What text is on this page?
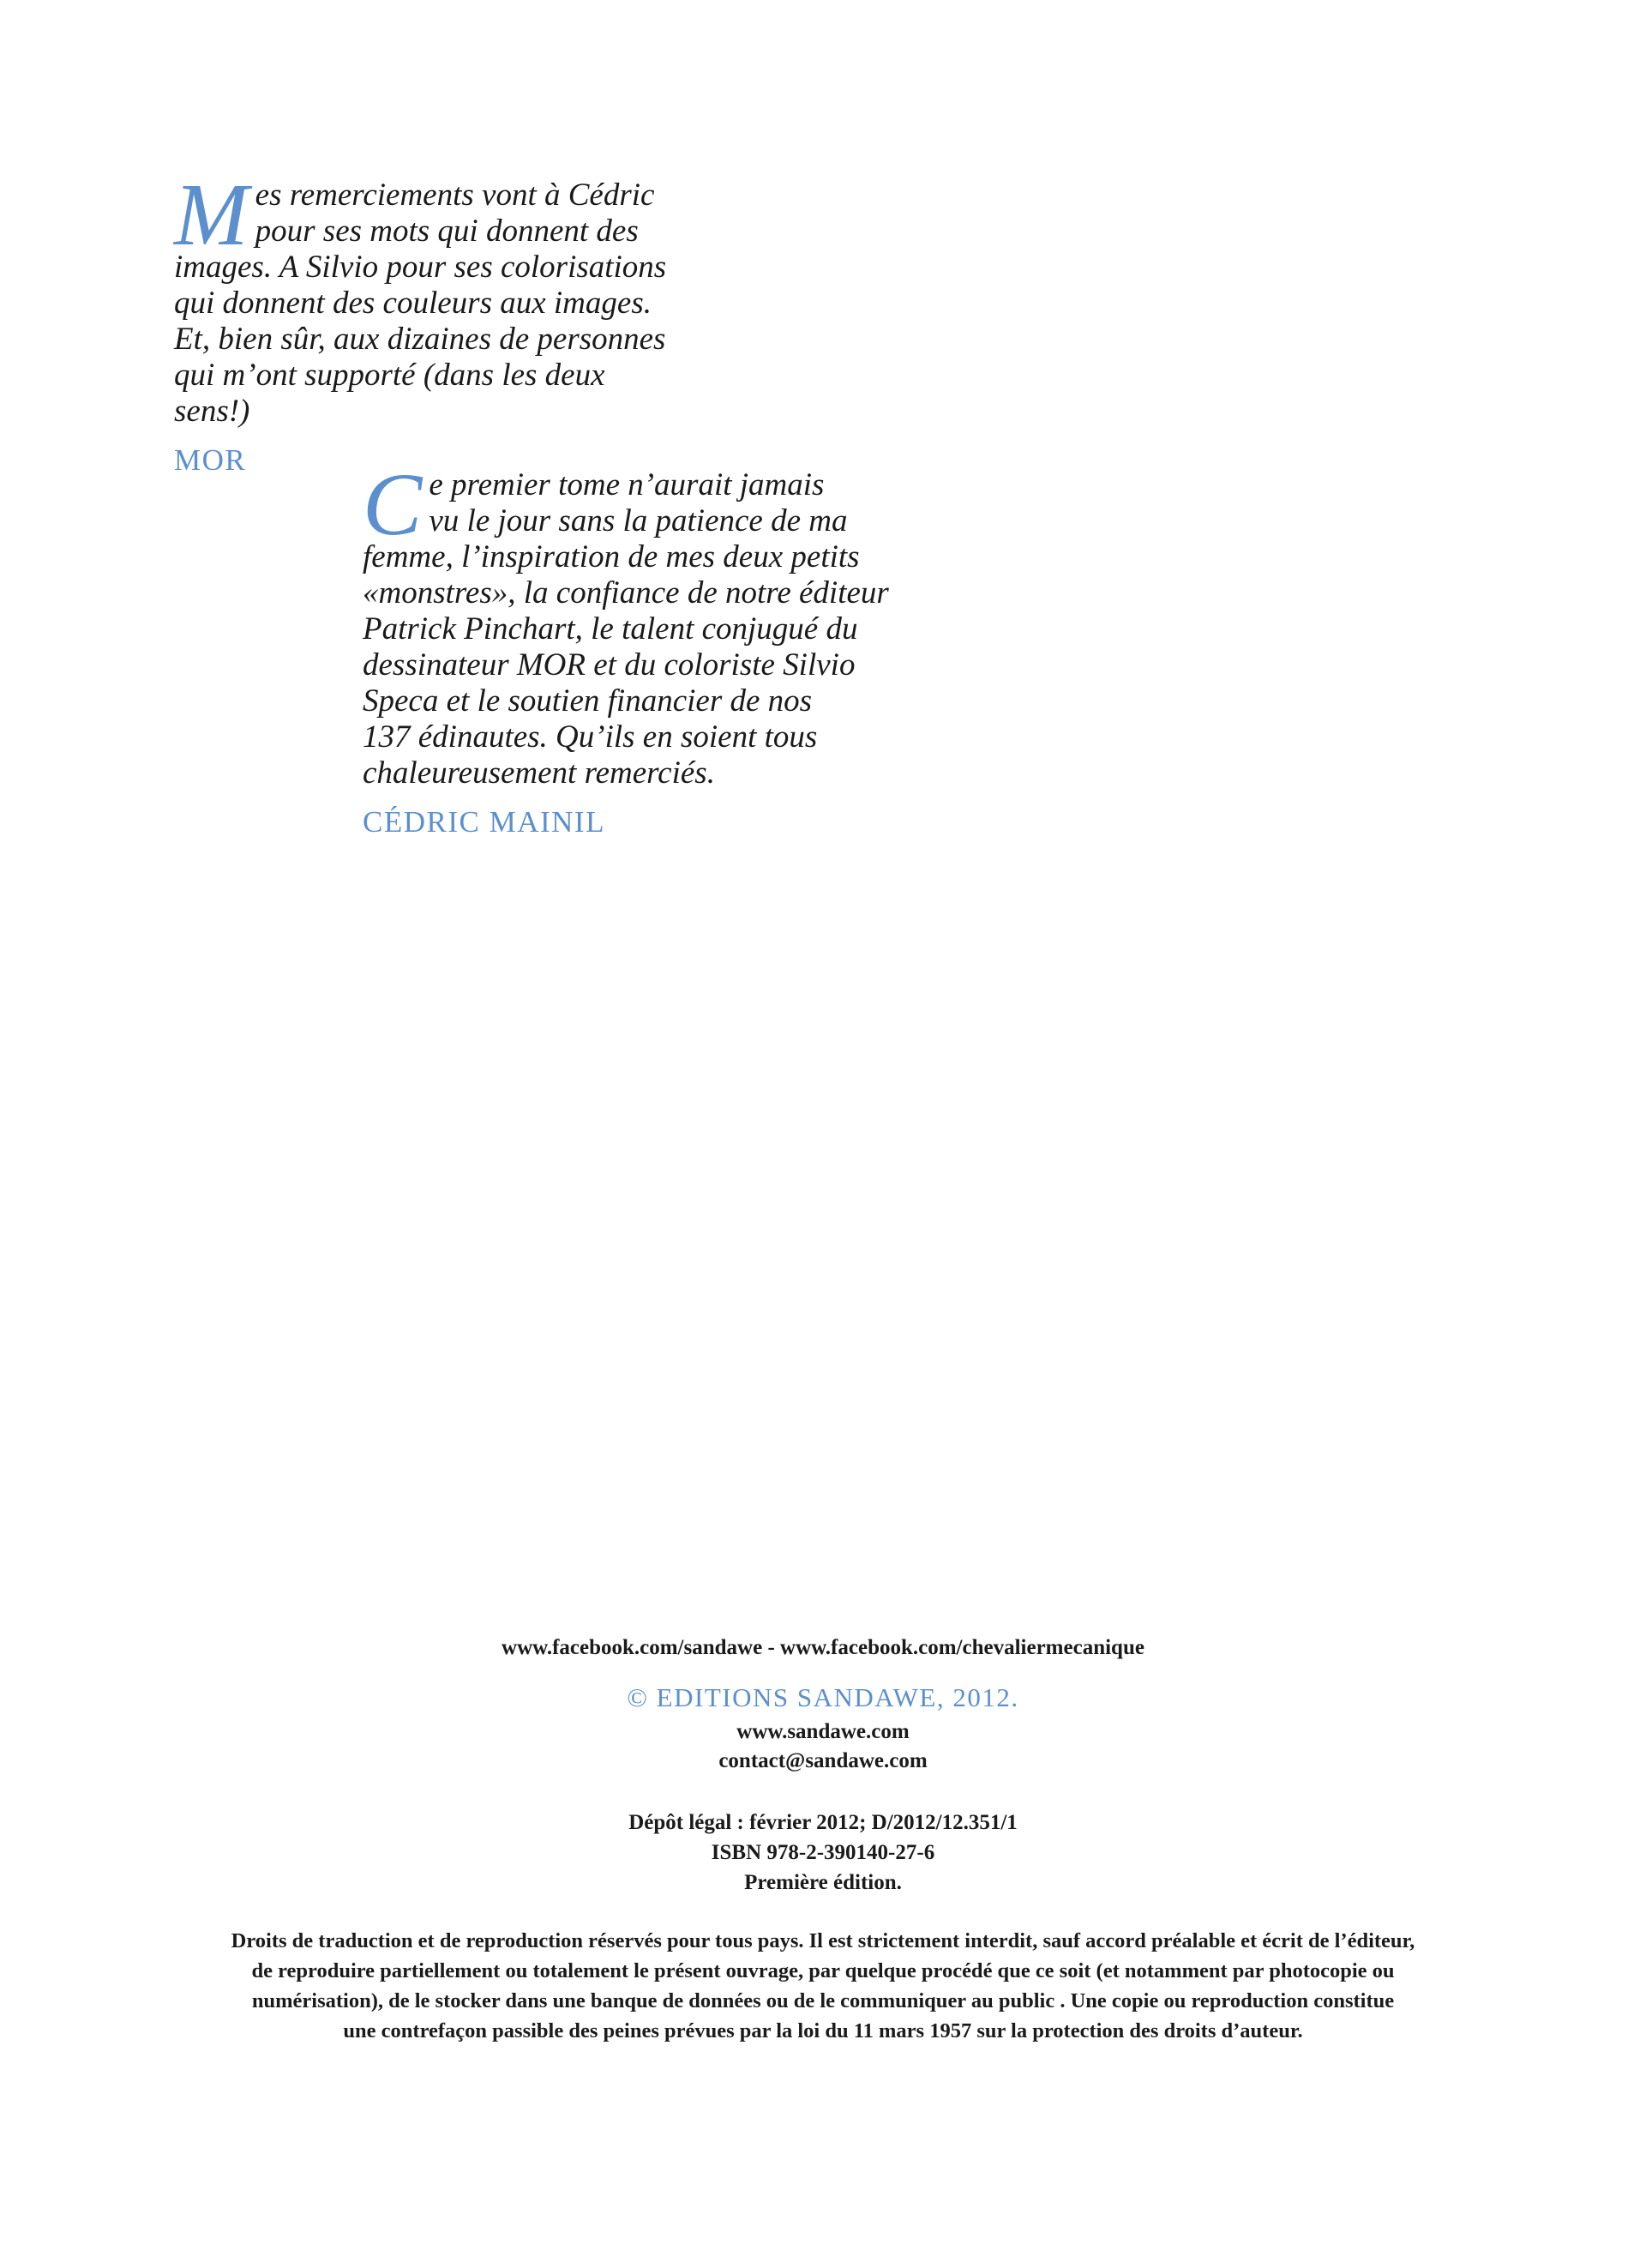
M es remerciements vont à Cédric
pour ses mots qui donnent des
images. A Silvio pour ses colorisations
qui donnent des couleurs aux images.
Et, bien sûr, aux dizaines de personnes
qui m’ont supporté (dans les deux sens!)
MOR	C e premier tome n’aurait jamais
vu le jour sans la patience de ma
femme, l’inspiration de mes deux petits
«monstres», la confiance de notre éditeur
Patrick Pinchart, le talent conjugué du
dessinateur MOR et du coloriste Silvio
Speca et le soutien financier de nos
137 édinautes. Qu’ils en soient tous
chaleureusement remerciés.
CÉDRIC MAINIL
www.facebook.com/sandawe - www.facebook.com/chevaliermecanique
© EDITIONS SANDAWE, 2012.
www.sandawe.com
contact@sandawe.com
Dépôt légal : février 2012; D/2012/12.351/1
ISBN 978-2-390140-27-6
Première édition.
Droits de traduction et de reproduction réservés pour tous pays. Il est strictement interdit, sauf accord préalable et écrit de l’éditeur,
de reproduire partiellement ou totalement le présent ouvrage, par quelque procédé que ce soit (et notamment par photocopie ou
numérisation), de le stocker dans une banque de données ou de le communiquer au public . Une copie ou reproduction constitue
une contrefaçon passible des peines prévues par la loi du 11 mars 1957 sur la protection des droits d’auteur.
